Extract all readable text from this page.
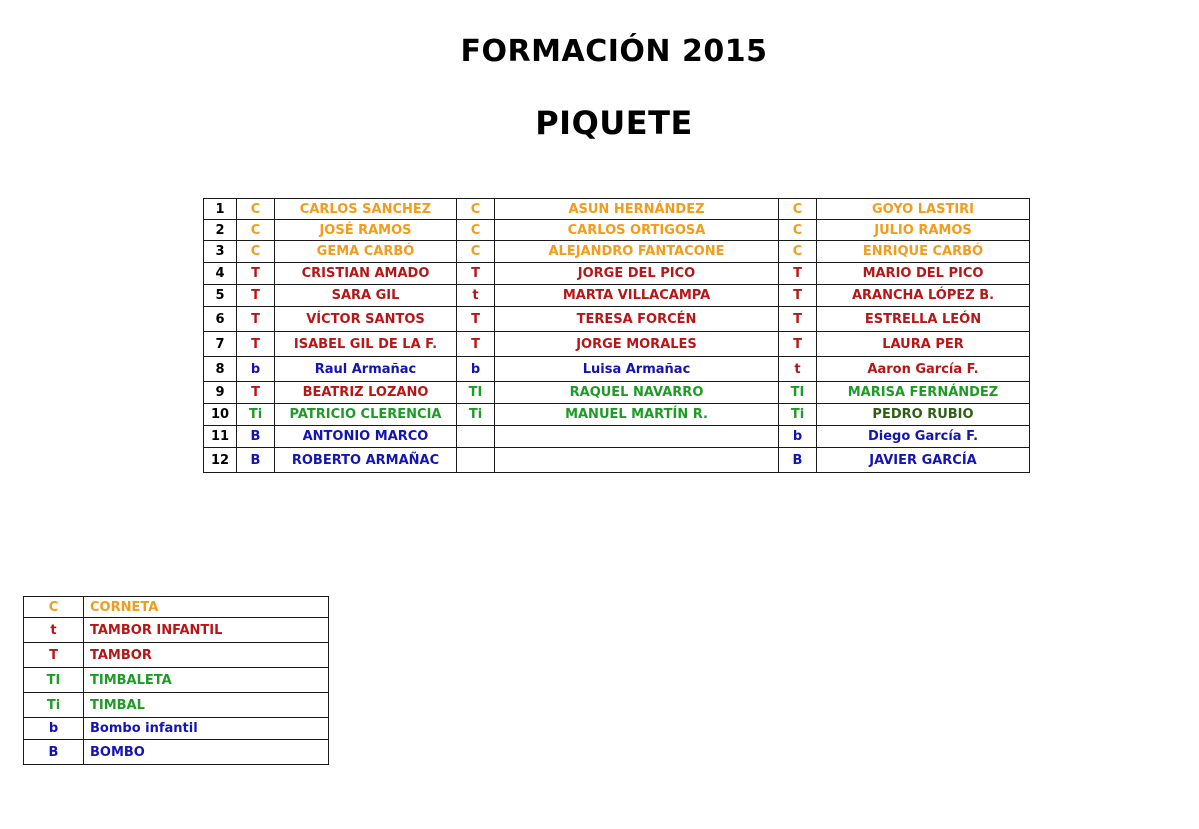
FORMACIÓN 2015
PIQUETE
1	C	CARLOS SANCHEZ	C	ASUN HERNÁNDEZ	C	GOYO LASTIRI
2	C	JOSÉ RAMOS	C	CARLOS ORTIGOSA	C	JULIO RAMOS
3	C	GEMA CARBÓ	C	ALEJANDRO FANTACONE	C	ENRIQUE CARBÓ
4	T	CRISTIAN AMADO	T	JORGE DEL PICO	T	MARIO DEL PICO
5	T	SARA GIL	t	MARTA VILLACAMPA	T	ARANCHA LÓPEZ B.
6	T	VÍCTOR SANTOS	T	TERESA FORCÉN	T	ESTRELLA LEÓN
7	T	ISABEL GIL DE LA F.	T	JORGE MORALES	T	LAURA PER
8	b	Raul Armañac	b	Luisa Armañac	t	Aaron García F.
9	T	BEATRIZ LOZANO	TI	RAQUEL NAVARRO	TI	MARISA FERNÁNDEZ
10	Ti	PATRICIO CLERENCIA	Ti	MANUEL MARTÍN R.	Ti	PEDRO RUBIO
11	B	ANTONIO MARCO			b	Diego García F.
12	B	ROBERTO ARMAÑAC			B	JAVIER GARCÍA
C	CORNETA
t	TAMBOR INFANTIL
T	TAMBOR
TI	TIMBALETA
Ti	TIMBAL
b	Bombo infantil
B	BOMBO
